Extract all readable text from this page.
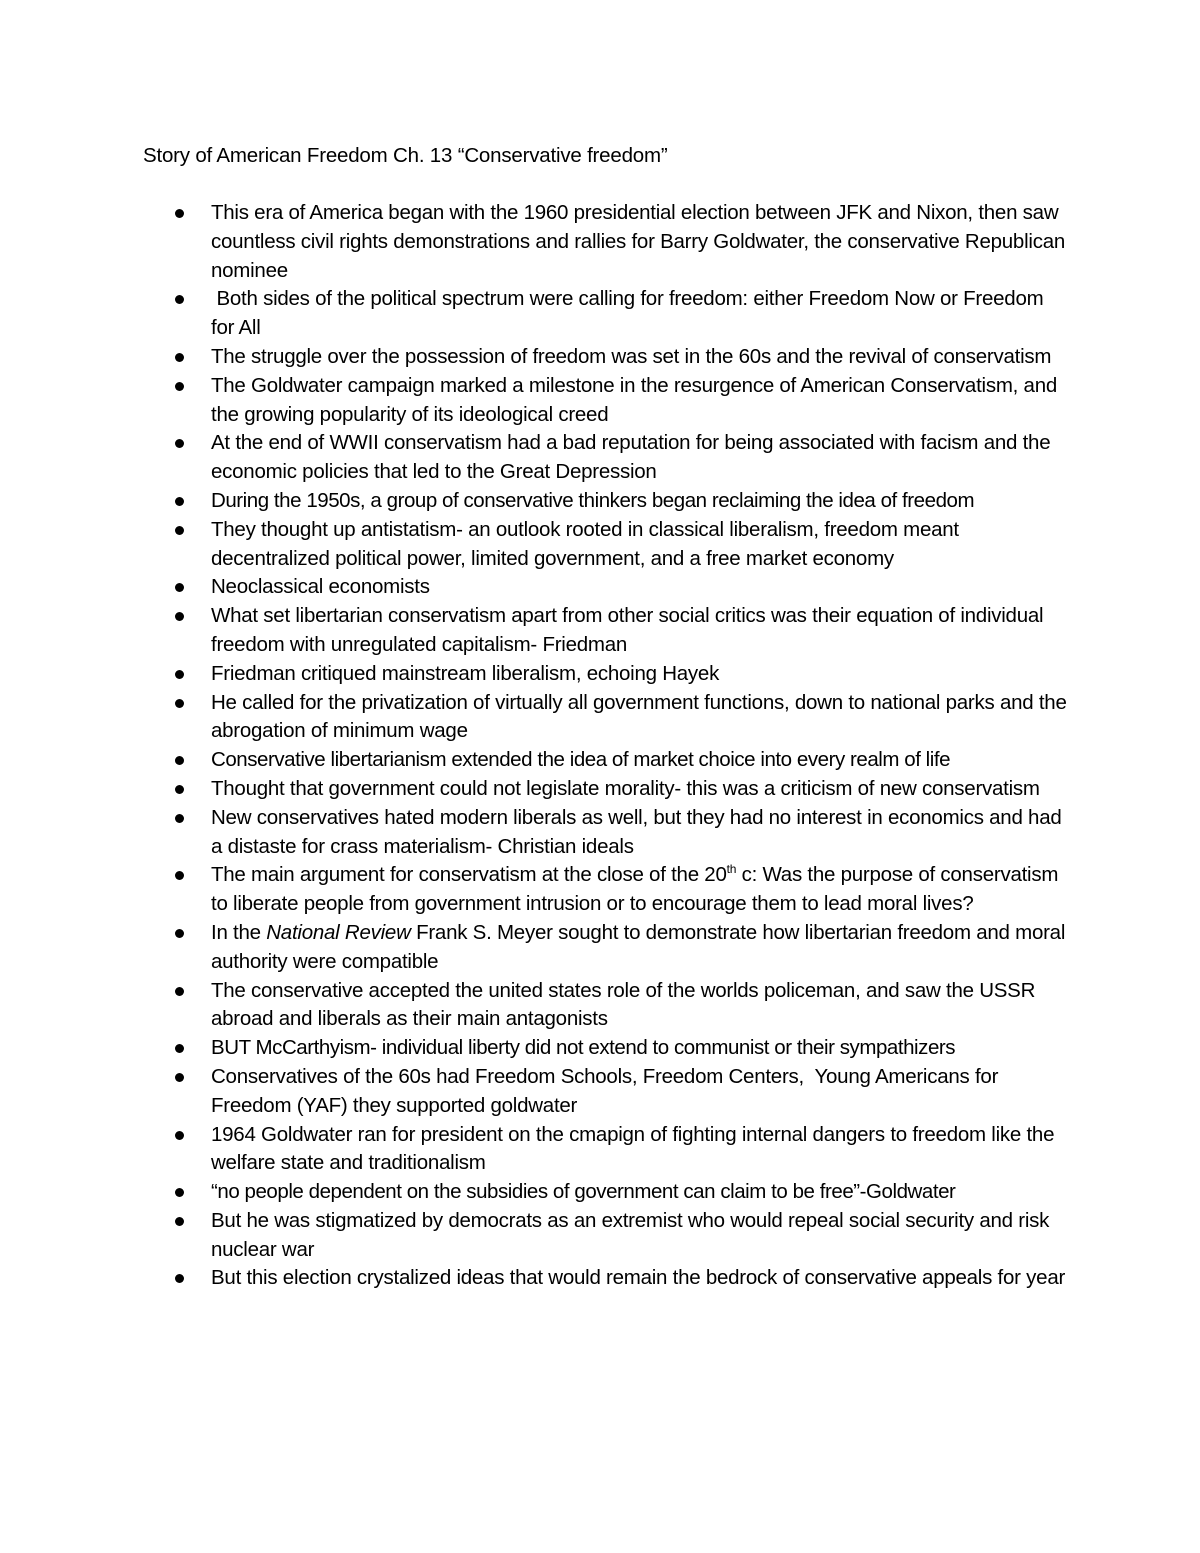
Story of American Freedom Ch. 13 “Conservative freedom”
This era of America began with the 1960 presidential election between JFK and Nixon, then saw countless civil rights demonstrations and rallies for Barry Goldwater, the conservative Republican nominee
Both sides of the political spectrum were calling for freedom: either Freedom Now or Freedom for All
The struggle over the possession of freedom was set in the 60s and the revival of conservatism
The Goldwater campaign marked a milestone in the resurgence of American Conservatism, and the growing popularity of its ideological creed
At the end of WWII conservatism had a bad reputation for being associated with facism and the economic policies that led to the Great Depression
During the 1950s, a group of conservative thinkers began reclaiming the idea of freedom
They thought up antistatism- an outlook rooted in classical liberalism, freedom meant decentralized political power, limited government, and a free market economy
Neoclassical economists
What set libertarian conservatism apart from other social critics was their equation of individual freedom with unregulated capitalism- Friedman
Friedman critiqued mainstream liberalism, echoing Hayek
He called for the privatization of virtually all government functions, down to national parks and the abrogation of minimum wage
Conservative libertarianism extended the idea of market choice into every realm of life
Thought that government could not legislate morality- this was a criticism of new conservatism
New conservatives hated modern liberals as well, but they had no interest in economics and had a distaste for crass materialism- Christian ideals
The main argument for conservatism at the close of the 20th c: Was the purpose of conservatism to liberate people from government intrusion or to encourage them to lead moral lives?
In the National Review Frank S. Meyer sought to demonstrate how libertarian freedom and moral authority were compatible
The conservative accepted the united states role of the worlds policeman, and saw the USSR abroad and liberals as their main antagonists
BUT McCarthyism- individual liberty did not extend to communist or their sympathizers
Conservatives of the 60s had Freedom Schools, Freedom Centers,  Young Americans for Freedom (YAF) they supported goldwater
1964 Goldwater ran for president on the cmapign of fighting internal dangers to freedom like the welfare state and traditionalism
“no people dependent on the subsidies of government can claim to be free”-Goldwater
But he was stigmatized by democrats as an extremist who would repeal social security and risk nuclear war
But this election crystalized ideas that would remain the bedrock of conservative appeals for year
